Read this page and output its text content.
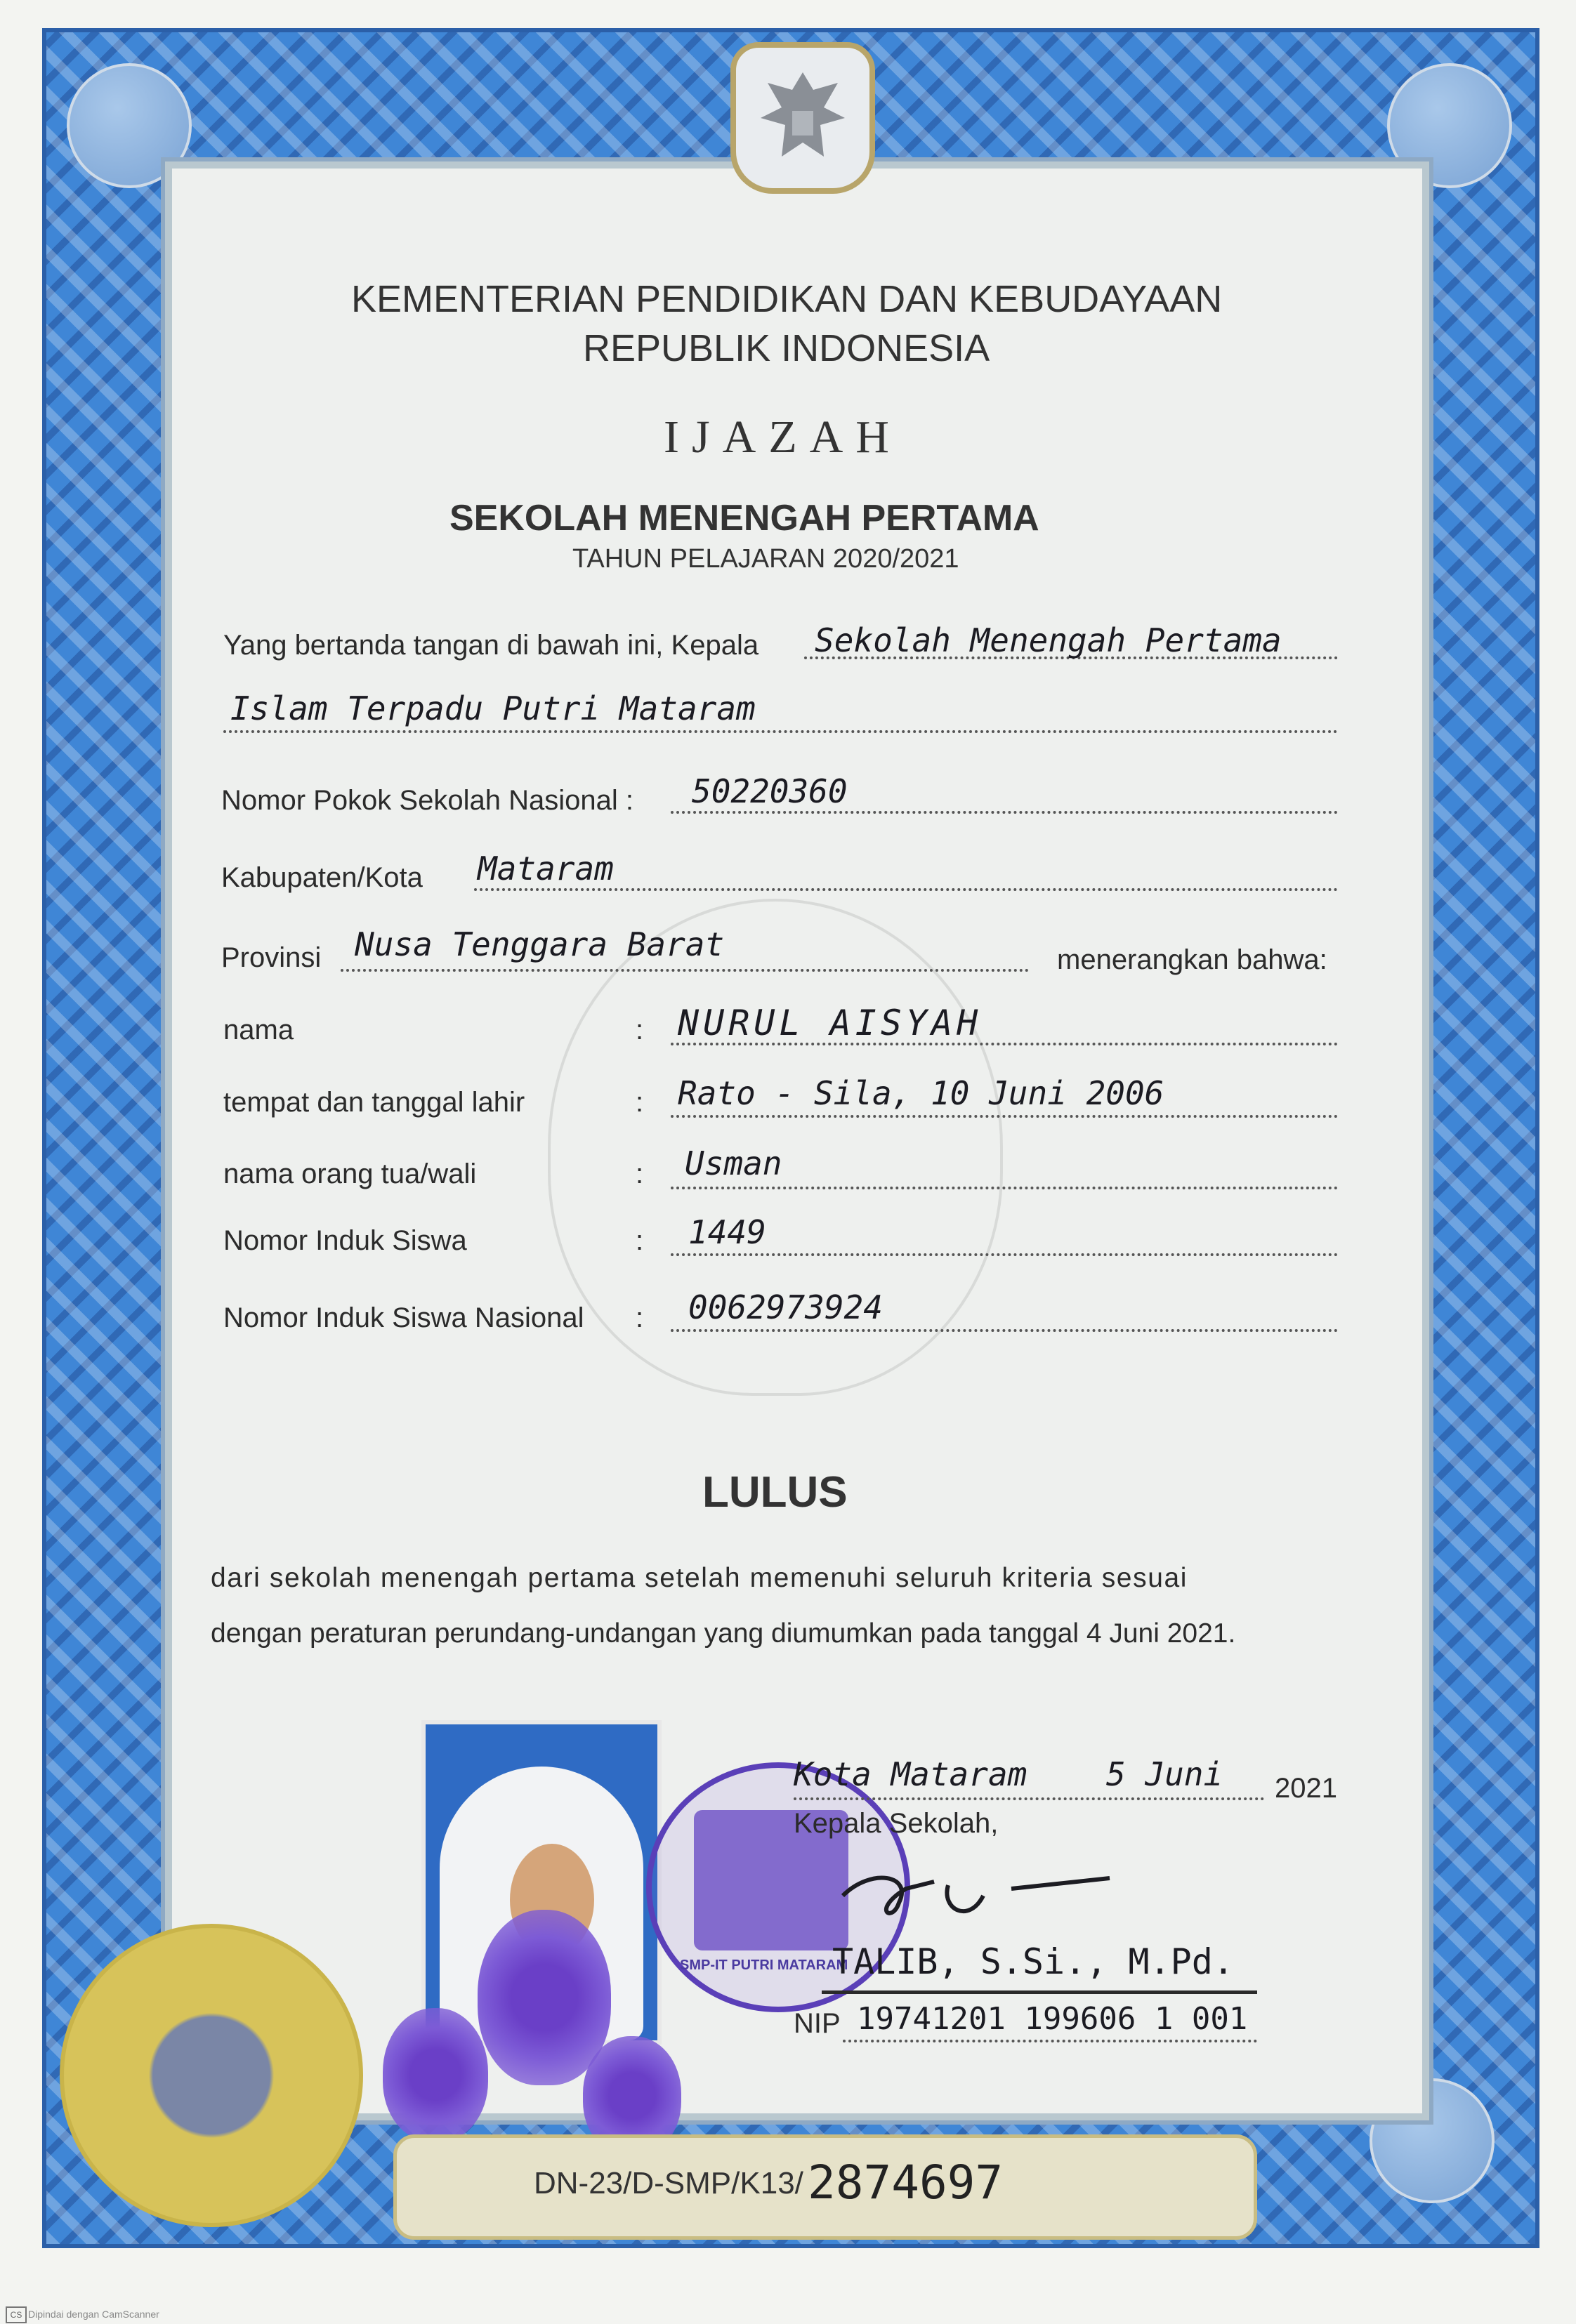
KEMENTERIAN PENDIDIKAN DAN KEBUDAYAAN
REPUBLIK INDONESIA
IJAZAH
SEKOLAH MENENGAH PERTAMA
TAHUN PELAJARAN 2020/2021
Yang bertanda tangan di bawah ini, Kepala Sekolah Menengah Pertama
Islam Terpadu Putri Mataram
Nomor Pokok Sekolah Nasional : 50220360
Kabupaten/Kota Mataram
Provinsi Nusa Tenggara Barat	menerangkan bahwa:
nama	: NURUL AISYAH
tempat dan tanggal lahir	: Rato - Sila, 10 Juni 2006
nama orang tua/wali	: Usman
Nomor Induk Siswa	: 1449
Nomor Induk Siswa Nasional : 0062973924
LULUS
dari sekolah menengah pertama setelah memenuhi seluruh kriteria sesuai
dengan peraturan perundang-undangan yang diumumkan pada tanggal 4 Juni 2021.
SMP-IT PUTRI MATARAM
Kota Mataram 5 Juni 2021
Kepala Sekolah,
TALIB, S.Si., M.Pd.
NIP 19741201 199606 1 001
DN-23/D-SMP/K13/ 2874697
CS Dipindai dengan CamScanner
